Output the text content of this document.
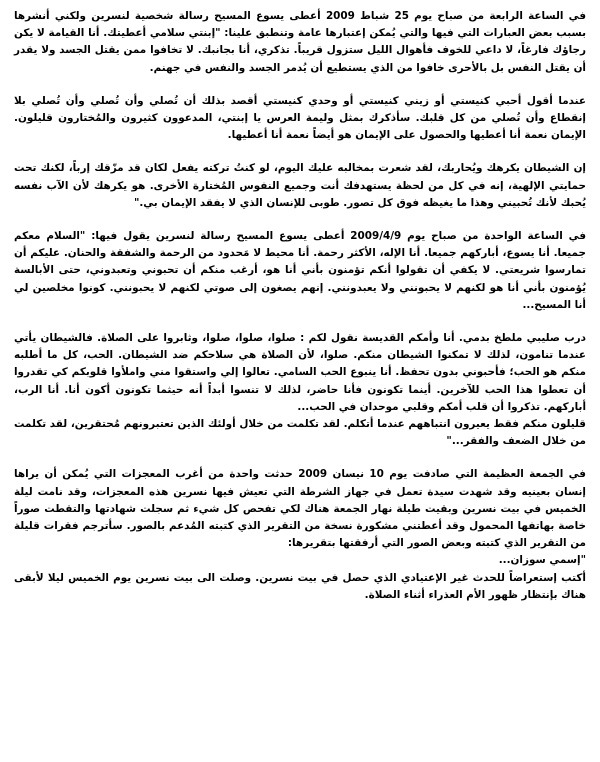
في الساعة الرابعة من صباح يوم 25 شباط 2009 أعطى يسوع المسيح رسالة شخصية لنسرين ولكني أنشرها بسبب بعض العبارات التي فيها والتي يُمكن إعتبارها عامة وتنطبق علينا: "إبنتي سلامي أعطيتك. أنا القيامة لا يكن رجاؤك فارغاً، لا داعي للخوف فأهوال الليل ستزول قريباً. تذكري، أنا بجانبك. لا تخافوا ممن يقتل الجسد ولا يقدر أن يقتل النفس بل بالأحرى خافوا من الذي يستطيع أن يُدمر الجسد والنفس في جهنم.

عندما أقول أحبي كنيستي أو زيني كنيستي أو وحدي كنيستي أقصد بذلك أن تُصلي وأن تُصلي وأن تُصلي بلا إنقطاع وأن تُصلي من كل قلبك. سأذكرك بمثل وليمة العرس يا إبنتي، المدعوون كثيرون والمُختارون قليلون. الإيمان نعمة أنا أعطيها والحصول على الإيمان هو أيضاً نعمة أنا أعطيها.

إن الشيطان يكرهك ويُحاربك، لقد شعرت بمخالبه عليك اليوم، لو كنتُ تركته يفعل لكان قد مزّقك إرباً، لكنك تحت حمايتي الإلهية، إنه في كل من لحظة يستهدفك أنت وجميع النفوس المُختارة الأخرى. هو يكرهك لأن الآب نفسه يُحبك لأنك تُحبيني وهذا ما يغيظه فوق كل تصور. طوبى للإنسان الذي لا يفقد الإيمان بي."

في الساعة الواحدة من صباح يوم 2009/4/9 أعطى يسوع المسيح رسالة لنسرين يقول فيها: "السلام معكم جميعا. أنا يسوع، أباركهم جميعا. أنا الإله، الأكثر رحمة. أنا محيط لا مَحدود من الرحمة والشفقة والحنان. عليكم أن تمارسوا شريعتي. لا يكفي أن تقولوا أنكم تؤمنون بأني أنا هو، أرغب منكم أن تحبوني وتعبدوني، حتى الأبالسة يُؤمنون بأني أنا هو لكنهم لا يحبونني ولا يعبدونني. إنهم يصغون إلى صوتي لكنهم لا يحبونني. كونوا مخلصين لي أنا المسيح...

درب صليبي ملطخ بدمي. أنا وأمكم القديسة نقول لكم : صلوا، صلوا، صلوا، وثابروا على الصلاة. فالشيطان يأتي عندما تنامون، لذلك لا تمكنوا الشيطان منكم. صلوا، لأن الصلاة هي سلاحكم ضد الشيطان. الحب، كل ما أطلبه منكم هو الحب؛ فأحبوني بدون تحفظ. أنا ينبوع الحب السامي. تعالوا إلي واستقوا مني واملأوا قلوبكم كي تقدروا أن تعطوا هذا الحب للآخرين. أينما تكونون فأنا حاضر، لذلك لا تنسوا أبداً أنه حيثما تكونون أكون أنا. أنا الرب، أباركهم. تذكروا أن قلب أمكم وقلبي موحدان في الحب...

قليلون منكم فقط يعيرون انتباههم عندما أتكلم. لقد تكلمت من خلال أولئك الذين تعتبرونهم مُحتقرين، لقد تكلمت من خلال الضعف والفقر..."

في الجمعة العظيمة التي صادفت يوم 10 نيسان 2009 حدثت واحدة من أغرب المعجزات التي يُمكن أن يراها إنسان بعينيه وقد شهدت سيدة تعمل في جهاز الشرطة التي تعيش فيها نسرين هذه المعجزات، وقد نامت ليلة الخميس في بيت نسرين وبقيت طيلة نهار الجمعة هناك لكي تفحص كل شيء ثم سجلت شهادتها والتقطت صوراً خاصة بهاتفها المحمول وقد أعطتني مشكورة نسخة من التقرير الذي كتبته المُدعم بالصور. سأترجم فقرات قليلة من التقرير الذي كتبته وبعض الصور التي أرفقتها بتقريرها:

"إسمي سوزان...

أكتب إستعراضاً للحدث غير الإعتيادي الذي حصل في بيت نسرين. وصلت الى بيت نسرين يوم الخميس ليلا لأبقى هناك بإنتظار ظهور الأم العذراء أثناء الصلاة.
